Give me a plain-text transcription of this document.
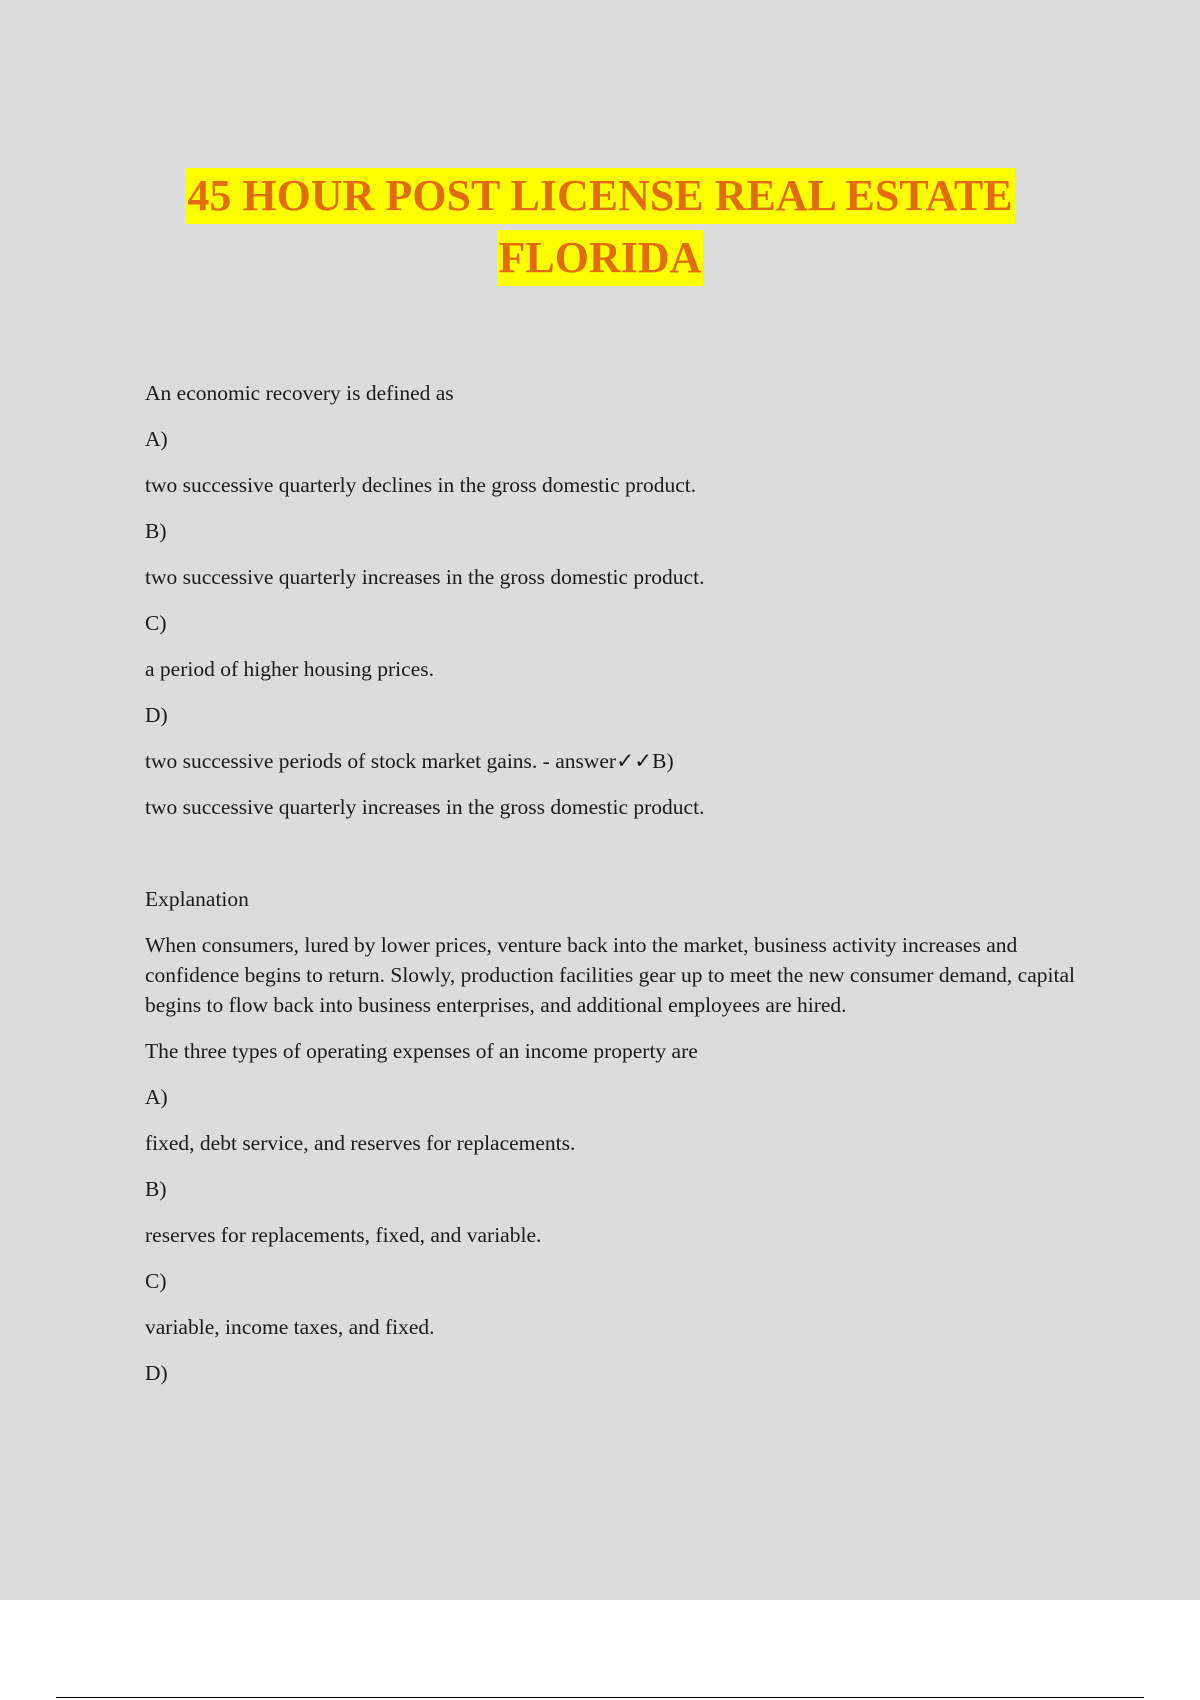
45 HOUR POST LICENSE REAL ESTATE
FLORIDA

An economic recovery is defined as

A)

two successive quarterly declines in the gross domestic product.

B)

two successive quarterly increases in the gross domestic product.

C)

a period of higher housing prices.

D)

two successive periods of stock market gains. - answer✓✓B)

two successive quarterly increases in the gross domestic product.

Explanation

When consumers, lured by lower prices, venture back into the market, business activity increases and confidence begins to return. Slowly, production facilities gear up to meet the new consumer demand, capital begins to flow back into business enterprises, and additional employees are hired.

The three types of operating expenses of an income property are

A)

fixed, debt service, and reserves for replacements.

B)

reserves for replacements, fixed, and variable.

C)

variable, income taxes, and fixed.

D)
